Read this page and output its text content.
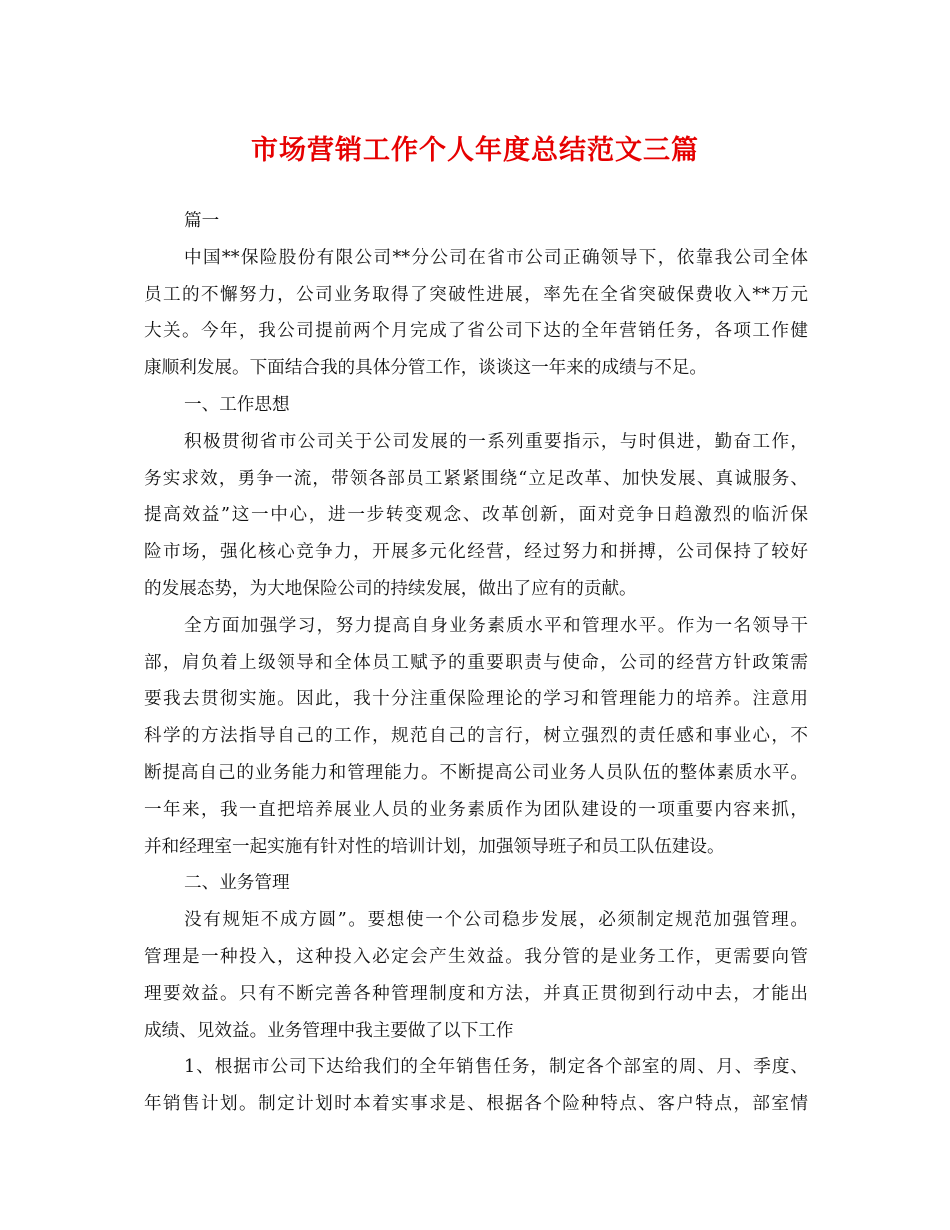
市场营销工作个人年度总结范文三篇
篇一
中国**保险股份有限公司**分公司在省市公司正确领导下，依靠我公司全体
员工的不懈努力，公司业务取得了突破性进展，率先在全省突破保费收入**万元
大关。今年，我公司提前两个月完成了省公司下达的全年营销任务，各项工作健
康顺利发展。下面结合我的具体分管工作，谈谈这一年来的成绩与不足。
一、工作思想
积极贯彻省市公司关于公司发展的一系列重要指示，与时俱进，勤奋工作，
务实求效，勇争一流，带领各部员工紧紧围绕“立足改革、加快发展、真诚服务、
提高效益”这一中心，进一步转变观念、改革创新，面对竞争日趋激烈的临沂保
险市场，强化核心竞争力，开展多元化经营，经过努力和拼搏，公司保持了较好
的发展态势，为大地保险公司的持续发展，做出了应有的贡献。
全方面加强学习，努力提高自身业务素质水平和管理水平。作为一名领导干
部，肩负着上级领导和全体员工赋予的重要职责与使命，公司的经营方针政策需
要我去贯彻实施。因此，我十分注重保险理论的学习和管理能力的培养。注意用
科学的方法指导自己的工作，规范自己的言行，树立强烈的责任感和事业心，不
断提高自己的业务能力和管理能力。不断提高公司业务人员队伍的整体素质水平。
一年来，我一直把培养展业人员的业务素质作为团队建设的一项重要内容来抓，
并和经理室一起实施有针对性的培训计划，加强领导班子和员工队伍建设。
二、业务管理
没有规矩不成方圆”。要想使一个公司稳步发展，必须制定规范加强管理。
管理是一种投入，这种投入必定会产生效益。我分管的是业务工作，更需要向管
理要效益。只有不断完善各种管理制度和方法，并真正贯彻到行动中去，才能出
成绩、见效益。业务管理中我主要做了以下工作
1、根据市公司下达给我们的全年销售任务，制定各个部室的周、月、季度、
年销售计划。制定计划时本着实事求是、根据各个险种特点、客户特点，部室情
